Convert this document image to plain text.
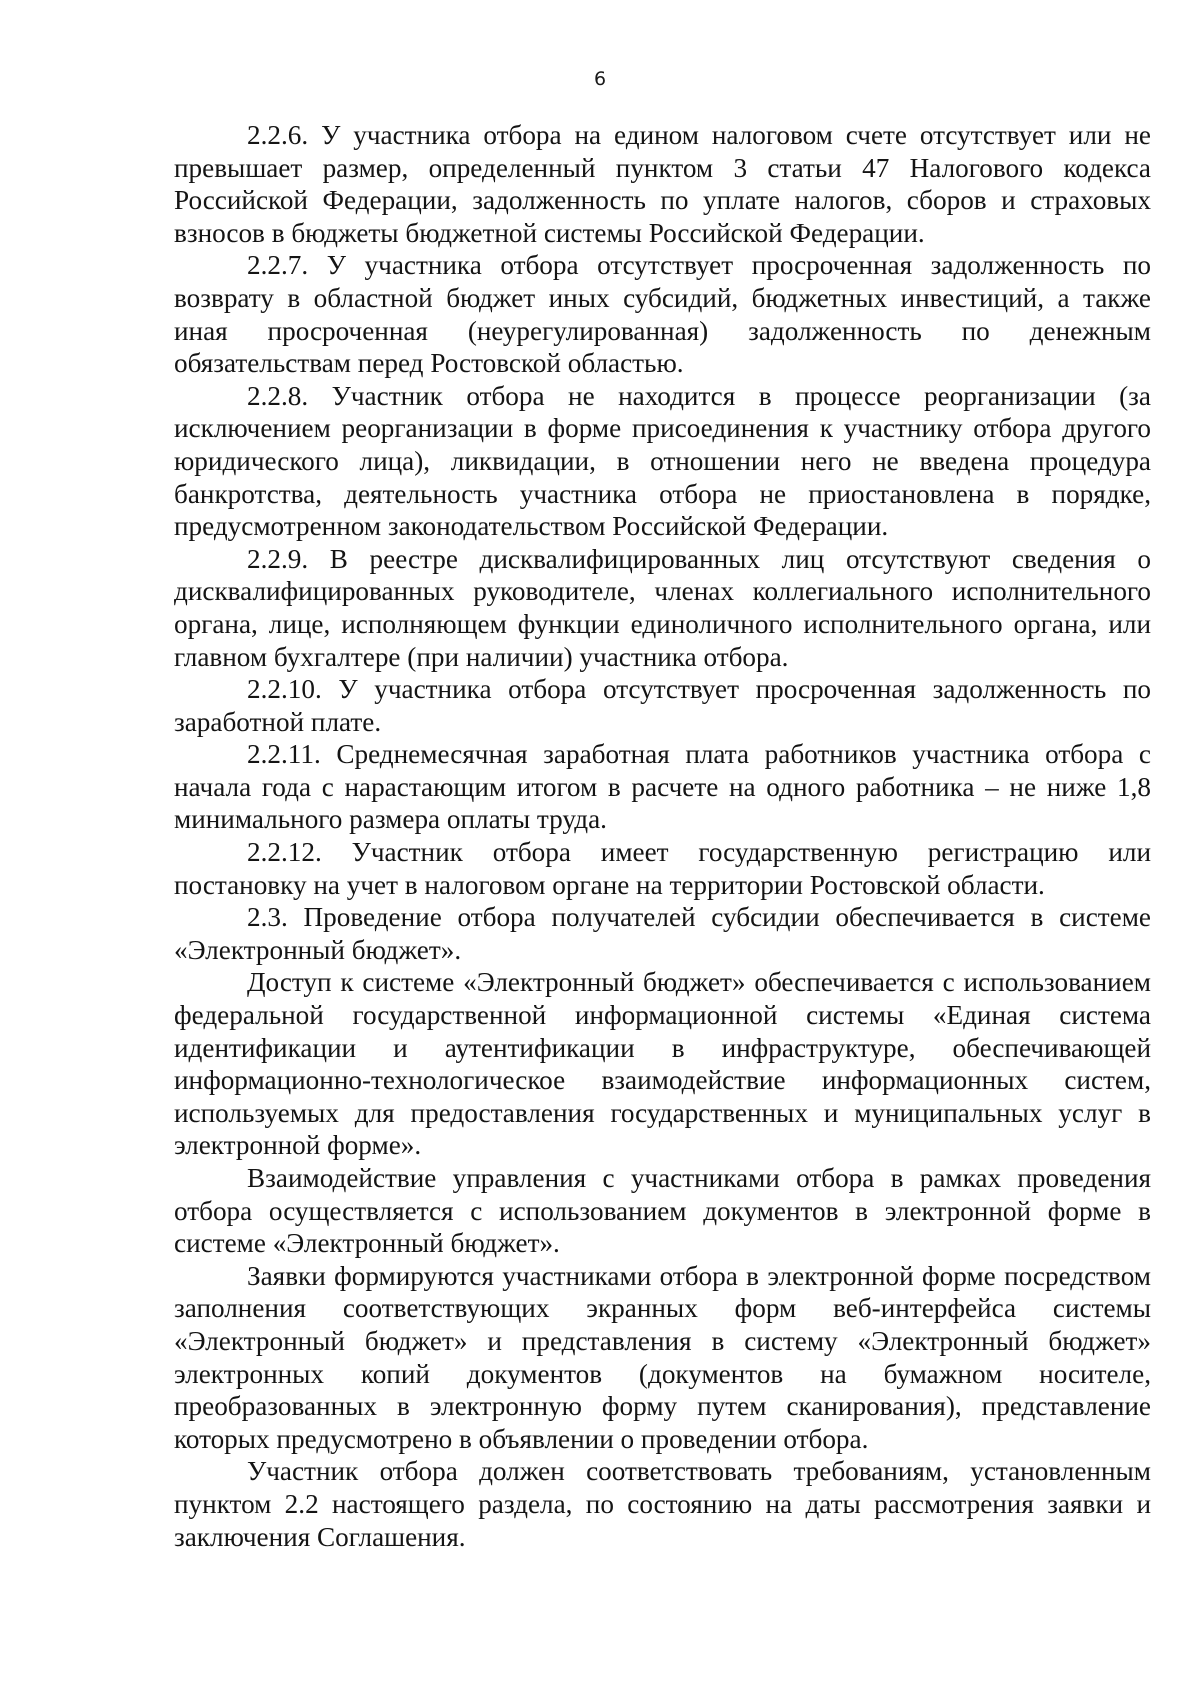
6

2.2.6. У участника отбора на едином налоговом счете отсутствует или не превышает размер, определенный пунктом 3 статьи 47 Налогового кодекса Российской Федерации, задолженность по уплате налогов, сборов и страховых взносов в бюджеты бюджетной системы Российской Федерации.

2.2.7. У участника отбора отсутствует просроченная задолженность по возврату в областной бюджет иных субсидий, бюджетных инвестиций, а также иная просроченная (неурегулированная) задолженность по денежным обязательствам перед Ростовской областью.

2.2.8. Участник отбора не находится в процессе реорганизации (за исключением реорганизации в форме присоединения к участнику отбора другого юридического лица), ликвидации, в отношении него не введена процедура банкротства, деятельность участника отбора не приостановлена в порядке, предусмотренном законодательством Российской Федерации.

2.2.9. В реестре дисквалифицированных лиц отсутствуют сведения о дисквалифицированных руководителе, членах коллегиального исполнительного органа, лице, исполняющем функции единоличного исполнительного органа, или главном бухгалтере (при наличии) участника отбора.

2.2.10. У участника отбора отсутствует просроченная задолженность по заработной плате.

2.2.11. Среднемесячная заработная плата работников участника отбора с начала года с нарастающим итогом в расчете на одного работника – не ниже 1,8 минимального размера оплаты труда.

2.2.12. Участник отбора имеет государственную регистрацию или постановку на учет в налоговом органе на территории Ростовской области.

2.3. Проведение отбора получателей субсидии обеспечивается в системе «Электронный бюджет».

Доступ к системе «Электронный бюджет» обеспечивается с использованием федеральной государственной информационной системы «Единая система идентификации и аутентификации в инфраструктуре, обеспечивающей информационно-технологическое взаимодействие информационных систем, используемых для предоставления государственных и муниципальных услуг в электронной форме».

Взаимодействие управления с участниками отбора в рамках проведения отбора осуществляется с использованием документов в электронной форме в системе «Электронный бюджет».

Заявки формируются участниками отбора в электронной форме посредством заполнения соответствующих экранных форм веб-интерфейса системы «Электронный бюджет» и представления в систему «Электронный бюджет» электронных копий документов (документов на бумажном носителе, преобразованных в электронную форму путем сканирования), представление которых предусмотрено в объявлении о проведении отбора.

Участник отбора должен соответствовать требованиям, установленным пунктом 2.2 настоящего раздела, по состоянию на даты рассмотрения заявки и заключения Соглашения.
